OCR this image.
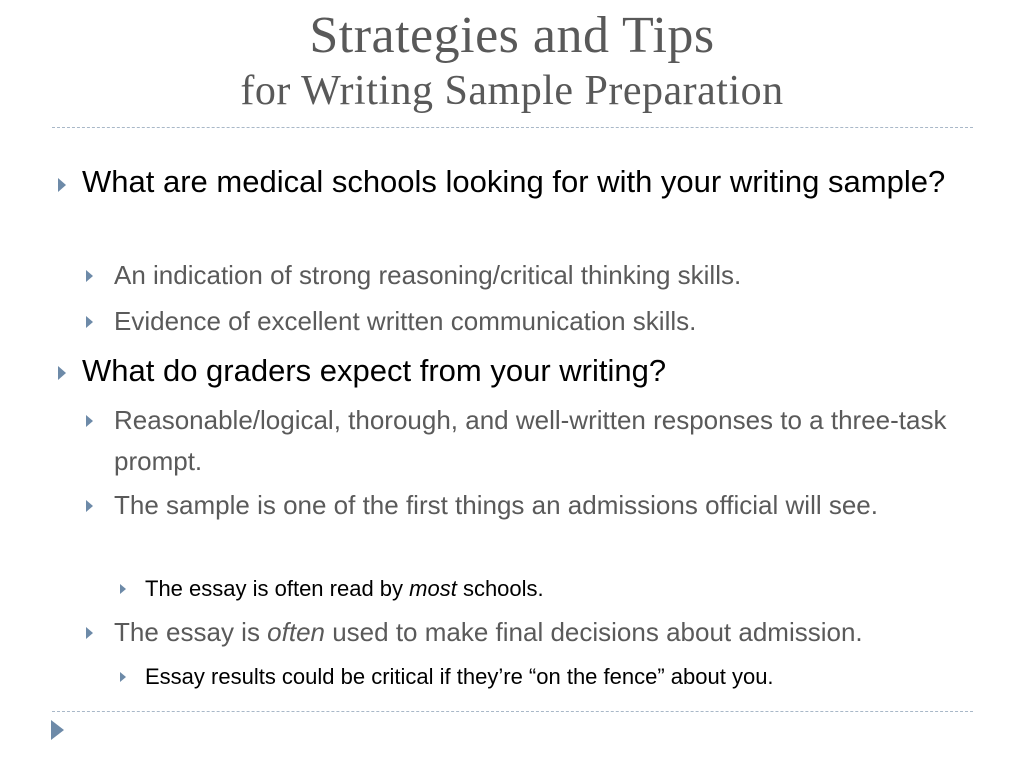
Strategies and Tips
for Writing Sample Preparation
What are medical schools looking for with your writing sample?
An indication of strong reasoning/critical thinking skills.
Evidence of excellent written communication skills.
What do graders expect from your writing?
Reasonable/logical, thorough, and well-written responses to a three-task prompt.
The sample is one of the first things an admissions official will see.
The essay is often read by most schools.
The essay is often used to make final decisions about admission.
Essay results could be critical if they’re “on the fence” about you.
